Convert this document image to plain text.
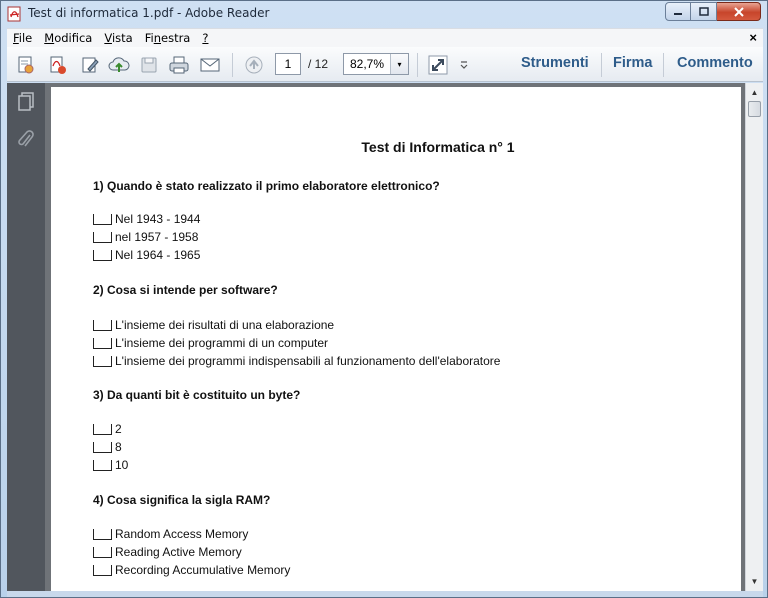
Test di informatica 1.pdf - Adobe Reader
File	Modifica	Vista	Finestra	?	×
1	/ 12 82,7% ▾	Strumenti Firma Commento
Test di Informatica n° 1
1) Quando è stato realizzato il primo elaboratore elettronico?
Nel 1943 - 1944
nel 1957 - 1958
Nel 1964 - 1965
2) Cosa si intende per software?
L'insieme dei risultati di una elaborazione
L'insieme dei programmi di un computer
L'insieme dei programmi indispensabili al funzionamento dell'elaboratore
3) Da quanti bit è costituito un byte?
2
8
10
4) Cosa significa la sigla RAM?
Random Access Memory
Reading Active Memory
Recording Accumulative Memory
▲
▼
